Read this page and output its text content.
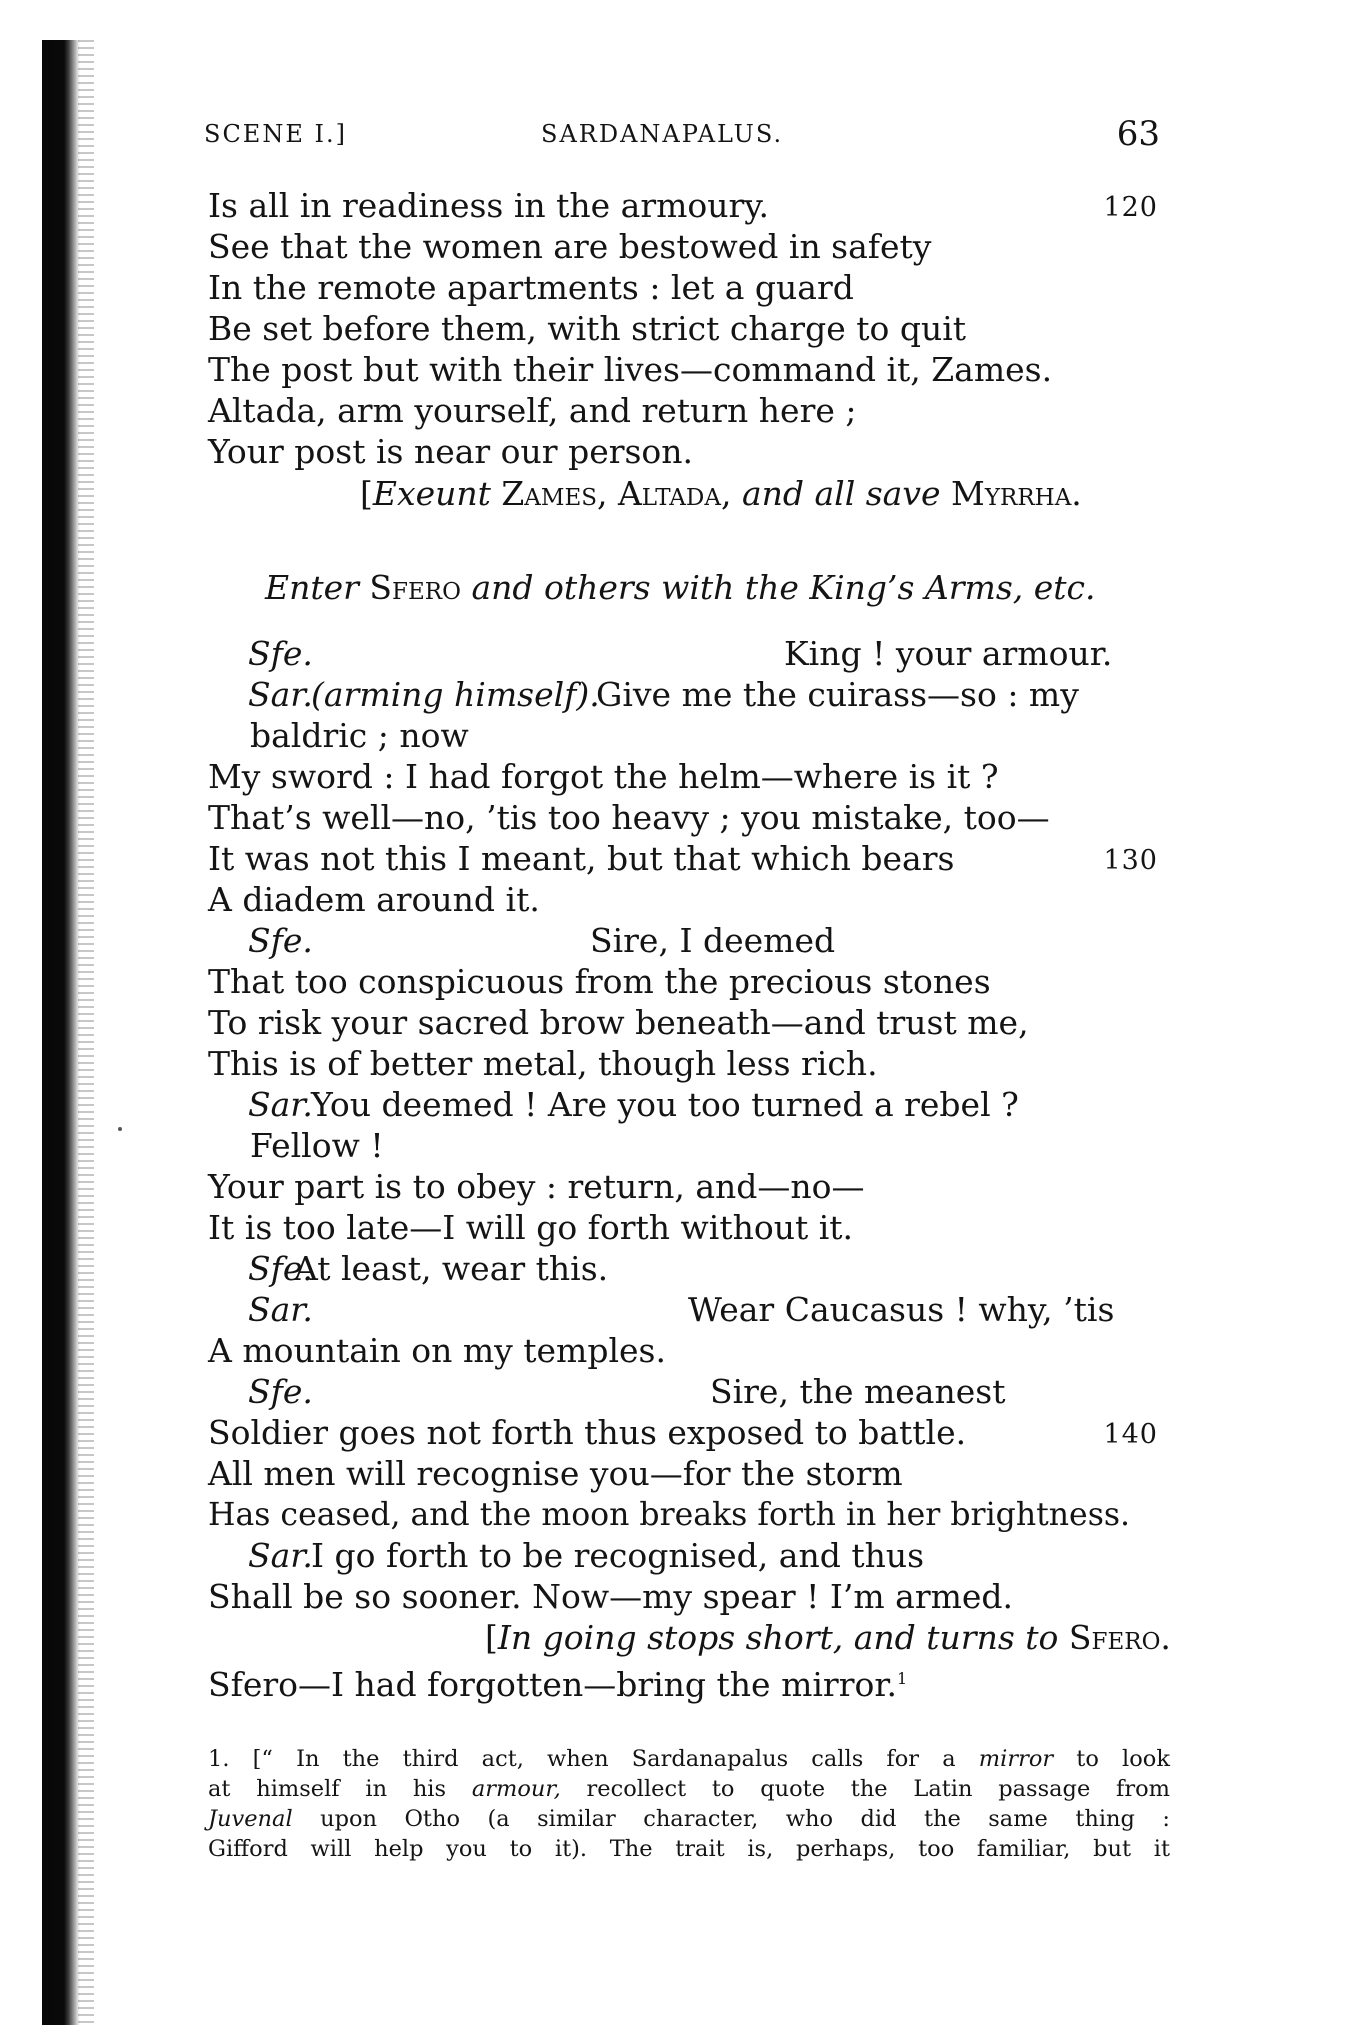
SCENE I.]	SARDANAPALUS.	63
Is all in readiness in the armoury.	120
See that the women are bestowed in safety
In the remote apartments : let a guard
Be set before them, with strict charge to quit
The post but with their lives—command it, Zames.
Altada, arm yourself, and return here ;
Your post is near our person.
[Exeunt Zames, Altada, and all save Myrrha.
Enter Sfero and others with the King’s Arms, etc.
Sfe.	King ! your armour.
Sar.
(arming himself).
Give me the cuirass—so : my
baldric ; now
My sword : I had forgot the helm—where is it ?
That’s well—no, ’tis too heavy ; you mistake, too—
It was not this I meant, but that which bears	130
A diadem around it.
Sfe.	Sire, I deemed
That too conspicuous from the precious stones
To risk your sacred brow beneath—and trust me,
This is of better metal, though less rich.
Sar.
You deemed ! Are you too turned a rebel ?
Fellow !
Your part is to obey : return, and—no—
It is too late—I will go forth without it.
Sfe.
At least, wear this.
Sar.	Wear Caucasus ! why, ’tis
A mountain on my temples.
Sfe.	Sire, the meanest
Soldier goes not forth thus exposed to battle.	140
All men will recognise you—for the storm
Has ceased, and the moon breaks forth in her brightness.
Sar.
I go forth to be recognised, and thus
Shall be so sooner. Now—my spear ! I’m armed.
[In going stops short, and turns to Sfero.
Sfero—I had forgotten—bring the mirror.$^1$
1. [“ In the third act, when Sardanapalus calls for a mirror to look
at himself in his armour, recollect to quote the Latin passage from
Juvenal upon Otho (a similar character, who did the same thing :
Gifford will help you to it). The trait is, perhaps, too familiar, but it
